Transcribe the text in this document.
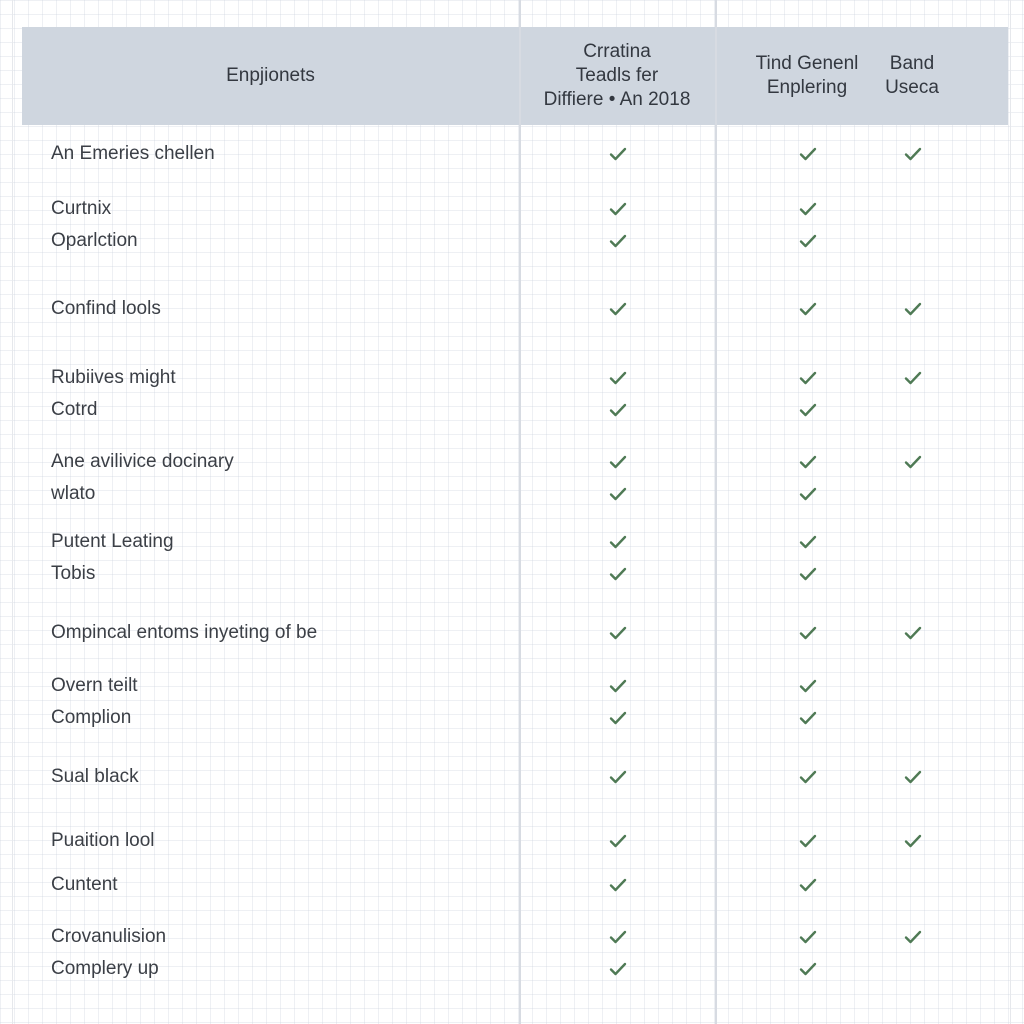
Enpjionets
Crratina
Teadls fer
Diffiere • An 2018
Tind Genenl
Enplering
Band
Useca
An Emeries chellen
Curtnix
Oparlction
Confind lools
Rubiives might
Cotrd
Ane avilivice docinary
wlato
Putent Leating
Tobis
Ompincal entoms inyeting of be
Overn teilt
Complion
Sual black
Puaition lool
Cuntent
Crovanulision
Complery up
